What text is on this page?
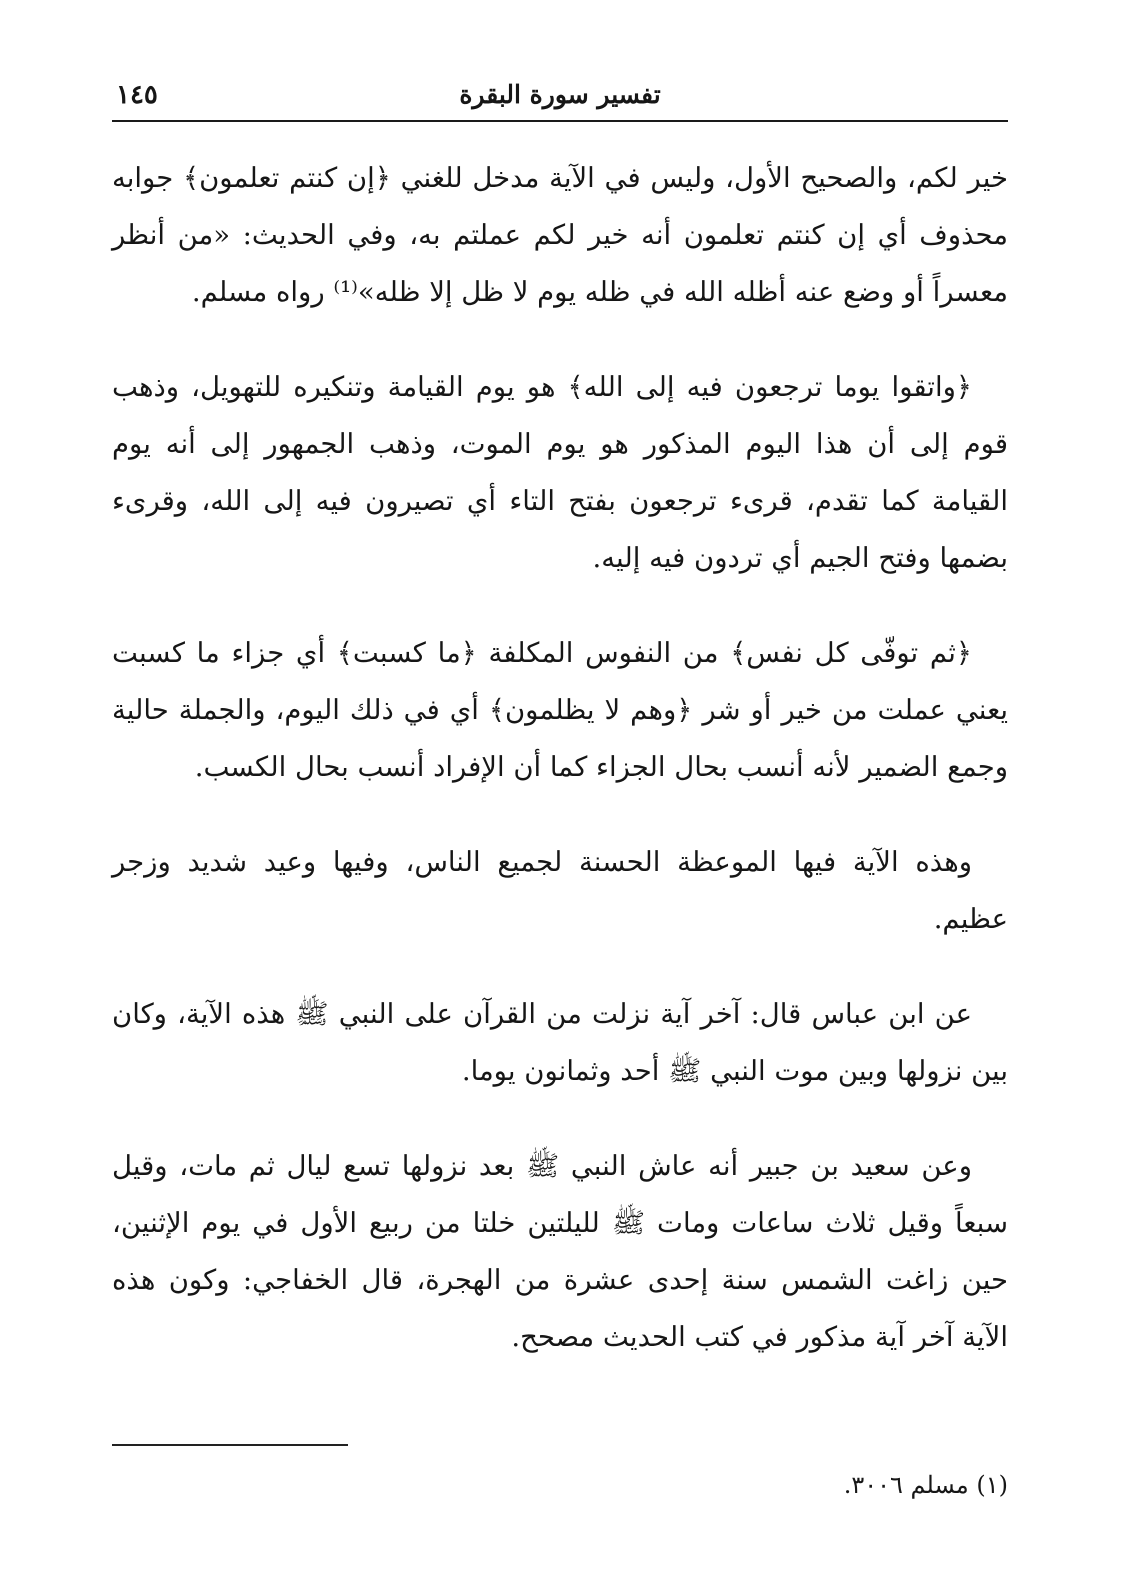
تفسير سورة البقرة
١٤٥

خير لكم، والصحيح الأول، وليس في الآية مدخل للغني ﴿إن كنتم تعلمون﴾ جوابه محذوف أي إن كنتم تعلمون أنه خير لكم عملتم به، وفي الحديث: «من أنظر معسراً أو وضع عنه أظله الله في ظله يوم لا ظل إلا ظله»⁽¹⁾ رواه مسلم.

﴿واتقوا يوما ترجعون فيه إلى الله﴾ هو يوم القيامة وتنكيره للتهويل، وذهب قوم إلى أن هذا اليوم المذكور هو يوم الموت، وذهب الجمهور إلى أنه يوم القيامة كما تقدم، قرىء ترجعون بفتح التاء أي تصيرون فيه إلى الله، وقرىء بضمها وفتح الجيم أي تردون فيه إليه.

﴿ثم توفّى كل نفس﴾ من النفوس المكلفة ﴿ما كسبت﴾ أي جزاء ما كسبت يعني عملت من خير أو شر ﴿وهم لا يظلمون﴾ أي في ذلك اليوم، والجملة حالية وجمع الضمير لأنه أنسب بحال الجزاء كما أن الإفراد أنسب بحال الكسب.

وهذه الآية فيها الموعظة الحسنة لجميع الناس، وفيها وعيد شديد وزجر عظيم.

عن ابن عباس قال: آخر آية نزلت من القرآن على النبي ﷺ هذه الآية، وكان بين نزولها وبين موت النبي ﷺ أحد وثمانون يوما.

وعن سعيد بن جبير أنه عاش النبي ﷺ بعد نزولها تسع ليال ثم مات، وقيل سبعاً وقيل ثلاث ساعات ومات ﷺ لليلتين خلتا من ربيع الأول في يوم الإثنين، حين زاغت الشمس سنة إحدى عشرة من الهجرة، قال الخفاجي: وكون هذه الآية آخر آية مذكور في كتب الحديث مصحح.

(١) مسلم ٣٠٠٦.
